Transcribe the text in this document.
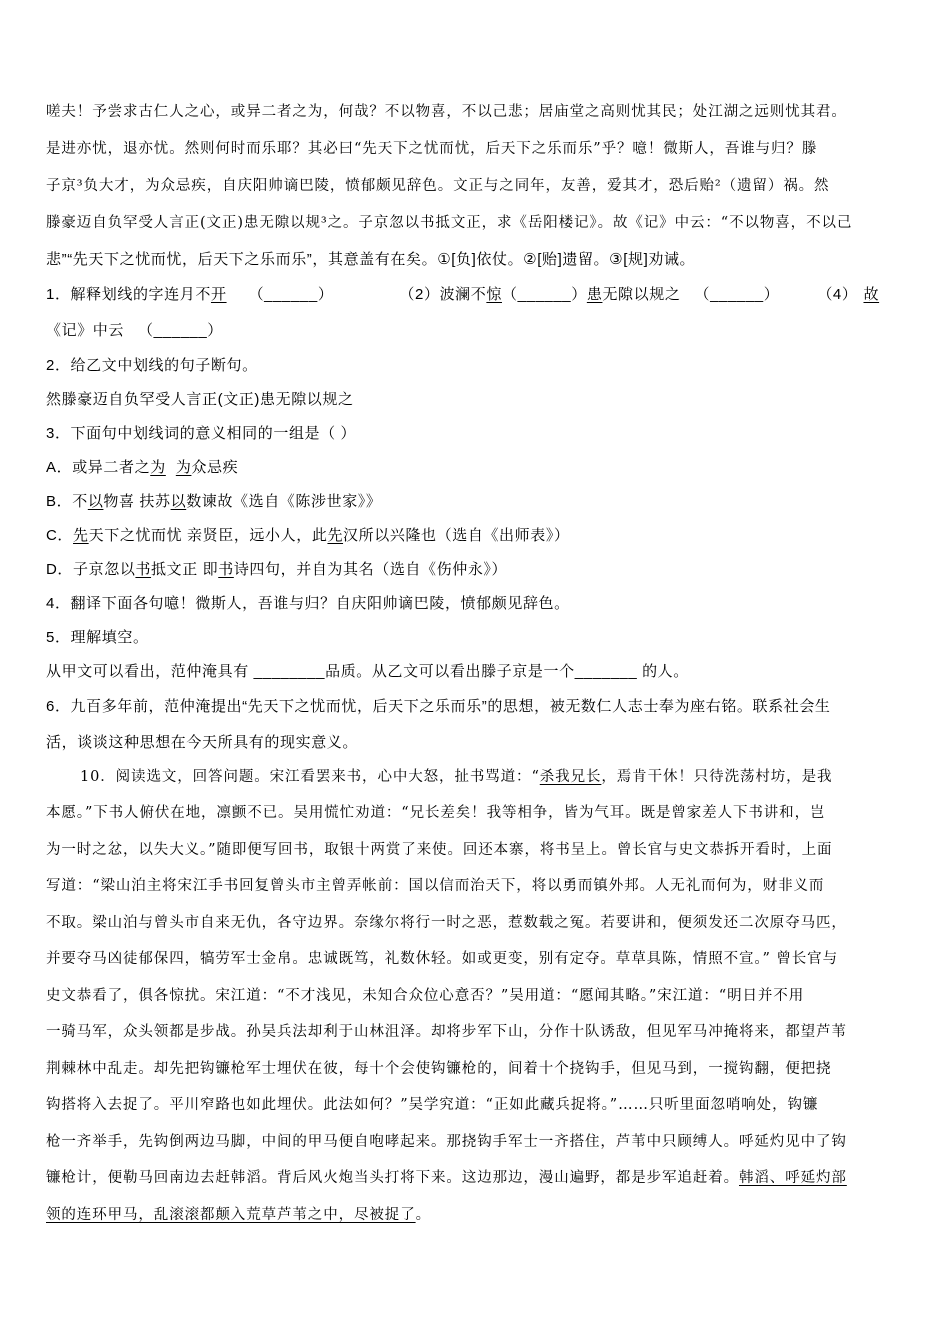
嗟夫！予尝求古仁人之心，或异二者之为，何哉？不以物喜，不以己悲；居庙堂之高则忧其民；处江湖之远则忧其君。
是进亦忧，退亦忧。然则何时而乐耶？其必曰“先天下之忧而忧，后天下之乐而乐”乎？噫！微斯人，吾谁与归？滕
子京³负大才，为众忌疾，自庆阳帅谪巴陵，愤郁颇见辞色。文正与之同年，友善，爱其才，恐后贻²（遗留）祸。然
滕豪迈自负罕受人言正(文正)患无隙以规³之。子京忽以书抵文正，求《岳阳楼记》。故《记》中云：“不以物喜，不以己
悲”“先天下之忧而忧，后天下之乐而乐”，其意盖有在矣。①[负]依仗。②[贻]遗留。③[规]劝诫。
1．解释划线的字连月不开 （______）	（2）波澜不惊（______）患无隙以规之 （______）	（4） 故
《记》中云 （______）
2．给乙文中划线的句子断句。
然滕豪迈自负罕受人言正(文正)患无隙以规之
3．下面句中划线词的意义相同的一组是（ ）
A．或异二者之为 为众忌疾
B．不以物喜 扶苏以数谏故《选自《陈涉世家》》
C．先天下之忧而忧 亲贤臣，远小人，此先汉所以兴隆也（选自《出师表》）
D．子京忽以书抵文正 即书诗四句，并自为其名（选自《伤仲永》）
4．翻译下面各句噫！微斯人，吾谁与归？自庆阳帅谪巴陵，愤郁颇见辞色。
5．理解填空。
从甲文可以看出，范仲淹具有 ________品质。从乙文可以看出滕子京是一个_______ 的人。
6．九百多年前，范仲淹提出“先天下之忧而忧，后天下之乐而乐”的思想，被无数仁人志士奉为座右铭。联系社会生
活，谈谈这种思想在今天所具有的现实意义。
10．阅读选文，回答问题。宋江看罢来书，心中大怒，扯书骂道：“杀我兄长，焉肯干休！只待洗荡村坊，是我
本愿。”下书人俯伏在地，凛颤不已。吴用慌忙劝道：“兄长差矣！我等相争，皆为气耳。既是曾家差人下书讲和，岂
为一时之忿，以失大义。”随即便写回书，取银十两赏了来使。回还本寨，将书呈上。曾长官与史文恭拆开看时，上面
写道：“梁山泊主将宋江手书回复曾头市主曾弄帐前：国以信而治天下，将以勇而镇外邦。人无礼而何为，财非义而
不取。梁山泊与曾头市自来无仇，各守边界。奈缘尔将行一时之恶，惹数载之冤。若要讲和，便须发还二次原夺马匹，
并要夺马凶徒郁保四，犒劳军士金帛。忠诚既笃，礼数休轻。如或更变，别有定夺。草草具陈，情照不宣。” 曾长官与
史文恭看了，俱各惊扰。宋江道：“不才浅见，未知合众位心意否？”吴用道：“愿闻其略。”宋江道：“明日并不用
一骑马军，众头领都是步战。孙吴兵法却利于山林沮泽。却将步军下山，分作十队诱敌，但见军马冲掩将来，都望芦苇
荆棘林中乱走。却先把钩镰枪军士埋伏在彼，每十个会使钩镰枪的，间着十个挠钩手，但见马到，一搅钩翻，便把挠
钩搭将入去捉了。平川窄路也如此埋伏。此法如何？”吴学究道：“正如此藏兵捉将。”……只听里面忽哨响处，钩镰
枪一齐举手，先钩倒两边马脚，中间的甲马便自咆哮起来。那挠钩手军士一齐搭住，芦苇中只顾缚人。呼延灼见中了钩
镰枪计，便勒马回南边去赶韩滔。背后风火炮当头打将下来。这边那边，漫山遍野，都是步军追赶着。韩滔、呼延灼部
领的连环甲马，乱滚滚都颠入荒草芦苇之中，尽被捉了。
